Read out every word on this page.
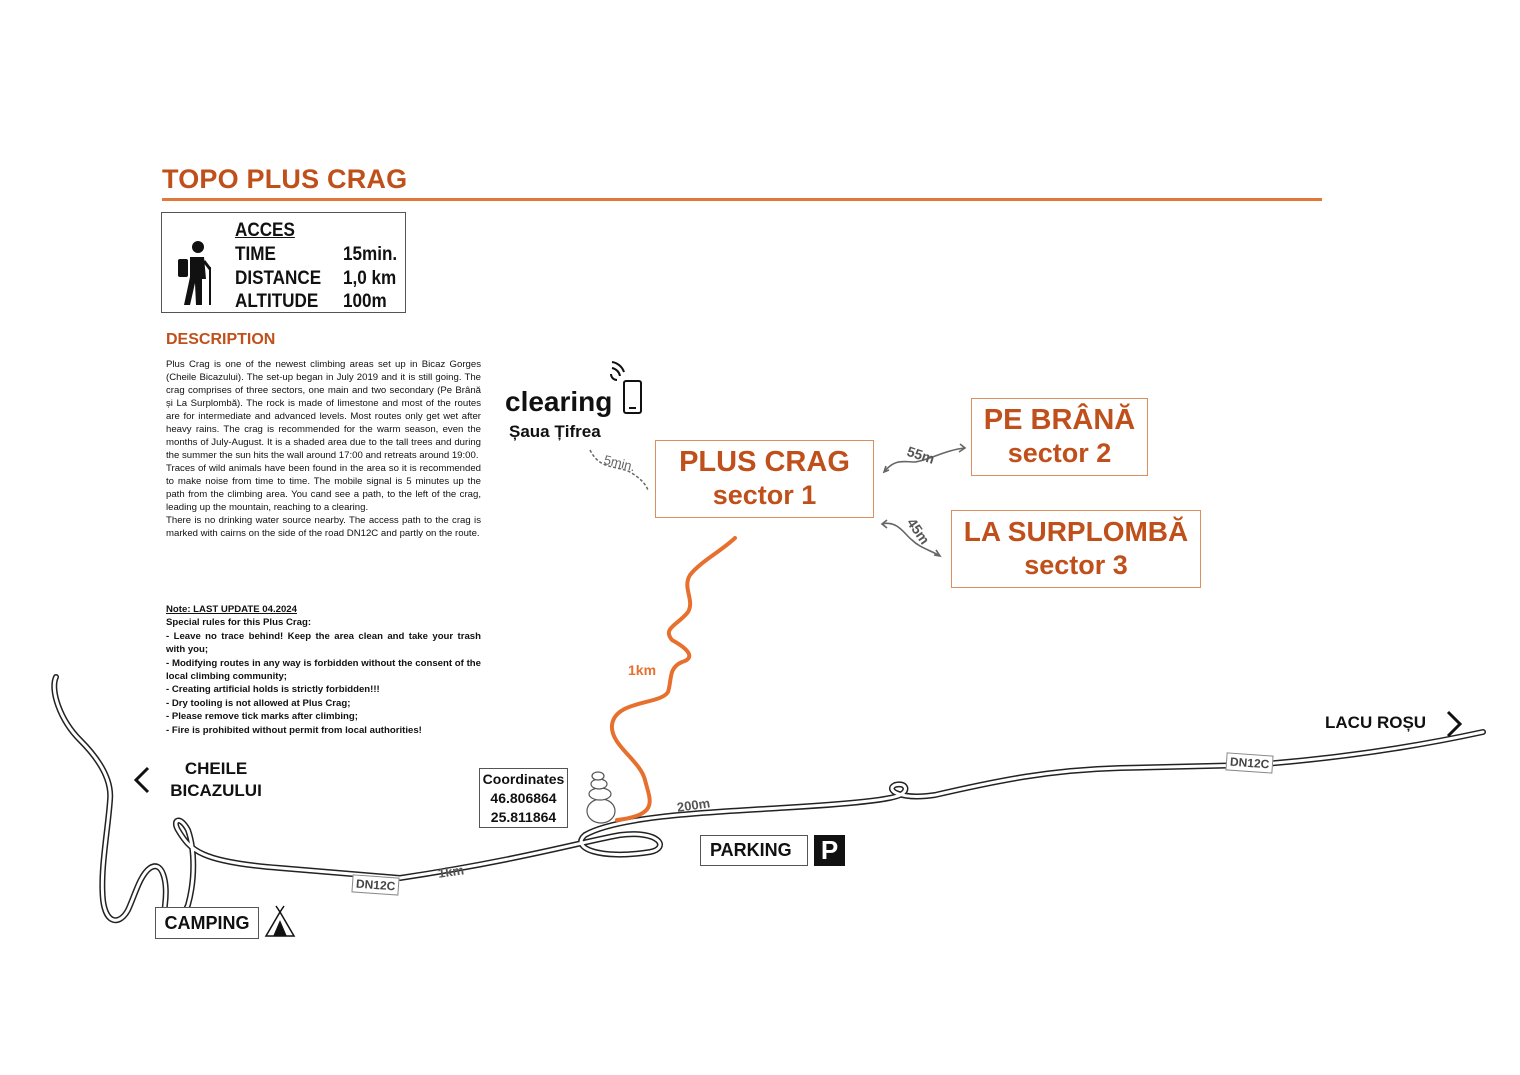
TOPO PLUS CRAG
ACCES
TIME	15min.
DISTANCE 1,0 km
ALTITUDE 100m
DESCRIPTION

Plus Crag is one of the newest climbing areas set up in Bicaz Gorges (Cheile Bicazului). The set-up began in July 2019 and it is still going. The crag comprises of three sectors, one main and two secondary (Pe Brână și La Surplombă). The rock is made of limestone and most of the routes are for intermediate and advanced levels. Most routes only get wet after heavy rains. The crag is recommended for the warm season, even the months of July-August. It is a shaded area due to the tall trees and during the summer the sun hits the wall around 17:00 and retreats around 19:00.

Traces of wild animals have been found in the area so it is recommended to make noise from time to time. The mobile signal is 5 minutes up the path from the climbing area. You cand see a path, to the left of the crag, leading up the mountain, reaching to a clearing.

There is no drinking water source nearby. The access path to the crag is marked with cairns on the side of the road DN12C and partly on the route.

Note: LAST UPDATE 04.2024
Special rules for this Plus Crag:
- Leave no trace behind! Keep the area clean and take your trash with you;
- Modifying routes in any way is forbidden without the consent of the local climbing community;
- Creating artificial holds is strictly forbidden!!!
- Dry tooling is not allowed at Plus Crag;
- Please remove tick marks after climbing;
- Fire is prohibited without permit from local authorities!
clearing
Șaua Țifrea
5min.	PLUS CRAG
sector 1
PE BRÂNĂ
sector 2
LA SURPLOMBĂ
sector 3
55m
45m
1km
Coordinates
46.806864
25.811864
PARKING	P
200m
1km
DN12C
DN12C
CHEILE
BICAZULUI
LACU ROȘU
CAMPING
